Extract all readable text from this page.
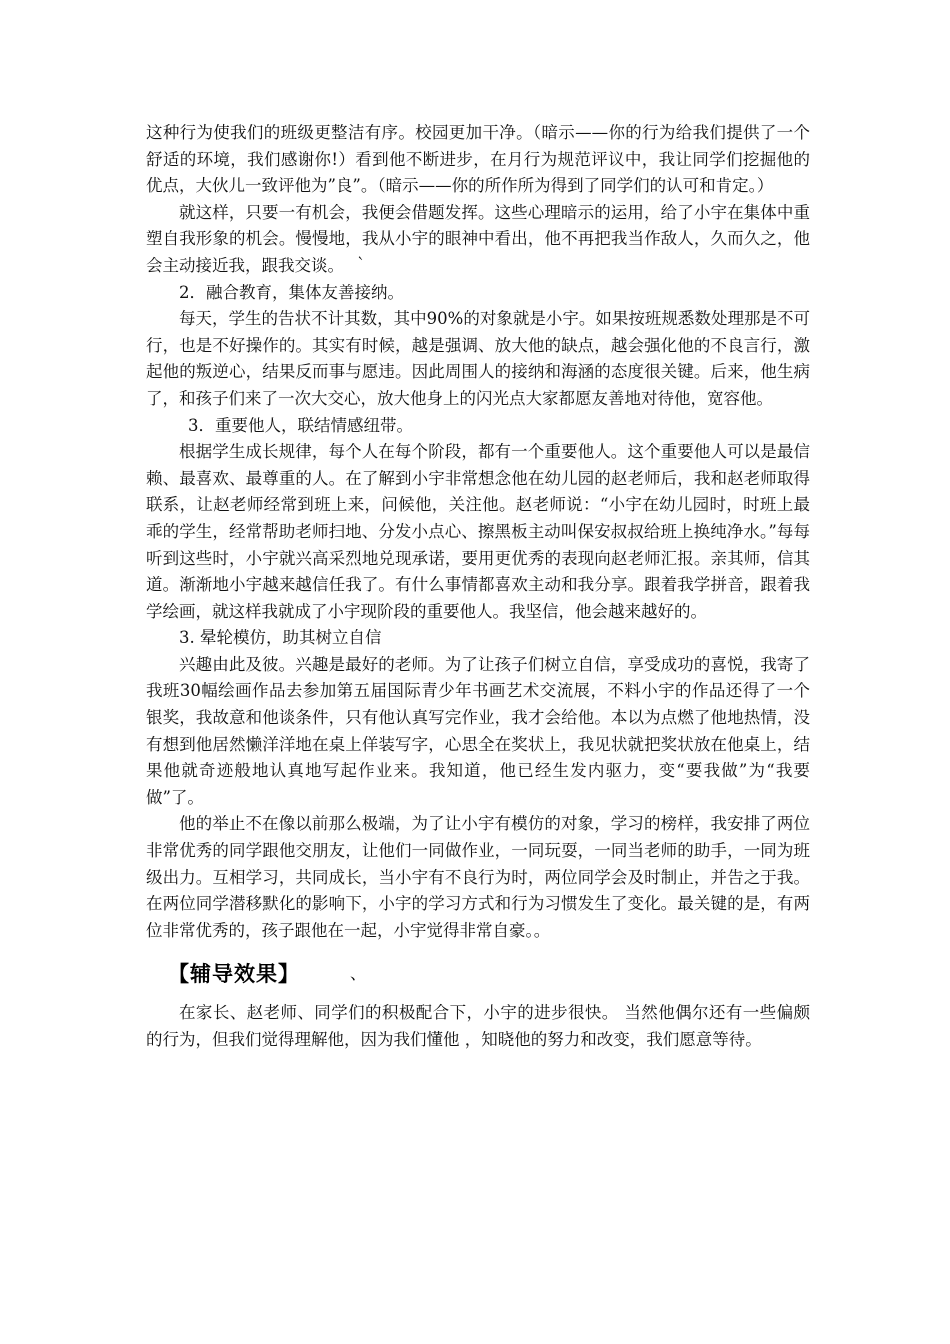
这种行为使我们的班级更整洁有序。校园更加干净。（暗示——你的行为给我们提供了一个舒适的环境，我们感谢你!）看到他不断进步，在月行为规范评议中，我让同学们挖掘他的优点，大伙儿一致评他为”良”。（暗示——你的所作所为得到了同学们的认可和肯定。）

就这样，只要一有机会，我便会借题发挥。这些心理暗示的运用，给了小宇在集体中重塑自我形象的机会。慢慢地，我从小宇的眼神中看出，他不再把我当作敌人，久而久之，他会主动接近我，跟我交谈。　｀

2．融合教育，集体友善接纳。

每天，学生的告状不计其数，其中90%的对象就是小宇。如果按班规悉数处理那是不可行，也是不好操作的。其实有时候，越是强调、放大他的缺点，越会强化他的不良言行，激起他的叛逆心，结果反而事与愿违。因此周围人的接纳和海涵的态度很关键。后来，他生病了，和孩子们来了一次大交心，放大他身上的闪光点大家都愿友善地对待他，宽容他。

3．重要他人，联结情感纽带。

根据学生成长规律，每个人在每个阶段，都有一个重要他人。这个重要他人可以是最信赖、最喜欢、最尊重的人。在了解到小宇非常想念他在幼儿园的赵老师后，我和赵老师取得联系，让赵老师经常到班上来，问候他，关注他。赵老师说：“小宇在幼儿园时，时班上最乖的学生，经常帮助老师扫地、分发小点心、擦黑板主动叫保安叔叔给班上换纯净水。”每每听到这些时，小宇就兴高采烈地兑现承诺，要用更优秀的表现向赵老师汇报。亲其师，信其道。渐渐地小宇越来越信任我了。有什么事情都喜欢主动和我分享。跟着我学拼音，跟着我学绘画，就这样我就成了小宇现阶段的重要他人。我坚信，他会越来越好的。

3. 晕轮模仿，助其树立自信

兴趣由此及彼。兴趣是最好的老师。为了让孩子们树立自信，享受成功的喜悦，我寄了我班30幅绘画作品去参加第五届国际青少年书画艺术交流展，不料小宇的作品还得了一个银奖，我故意和他谈条件，只有他认真写完作业，我才会给他。本以为点燃了他地热情，没有想到他居然懒洋洋地在桌上佯装写字，心思全在奖状上，我见状就把奖状放在他桌上，结果他就奇迹般地认真地写起作业来。我知道，他已经生发内驱力，变“要我做”为“我要做”了。

他的举止不在像以前那么极端，为了让小宇有模仿的对象，学习的榜样，我安排了两位非常优秀的同学跟他交朋友，让他们一同做作业，一同玩耍，一同当老师的助手，一同为班级出力。互相学习，共同成长，当小宇有不良行为时，两位同学会及时制止，并告之于我。在两位同学潜移默化的影响下，小宇的学习方式和行为习惯发生了变化。最关键的是，有两位非常优秀的，孩子跟他在一起，小宇觉得非常自豪。。

【辅导效果】	、

在家长、赵老师、同学们的积极配合下，小宇的进步很快。 当然他偶尔还有一些偏颇的行为，但我们觉得理解他，因为我们懂他 ，知晓他的努力和改变，我们愿意等待。
